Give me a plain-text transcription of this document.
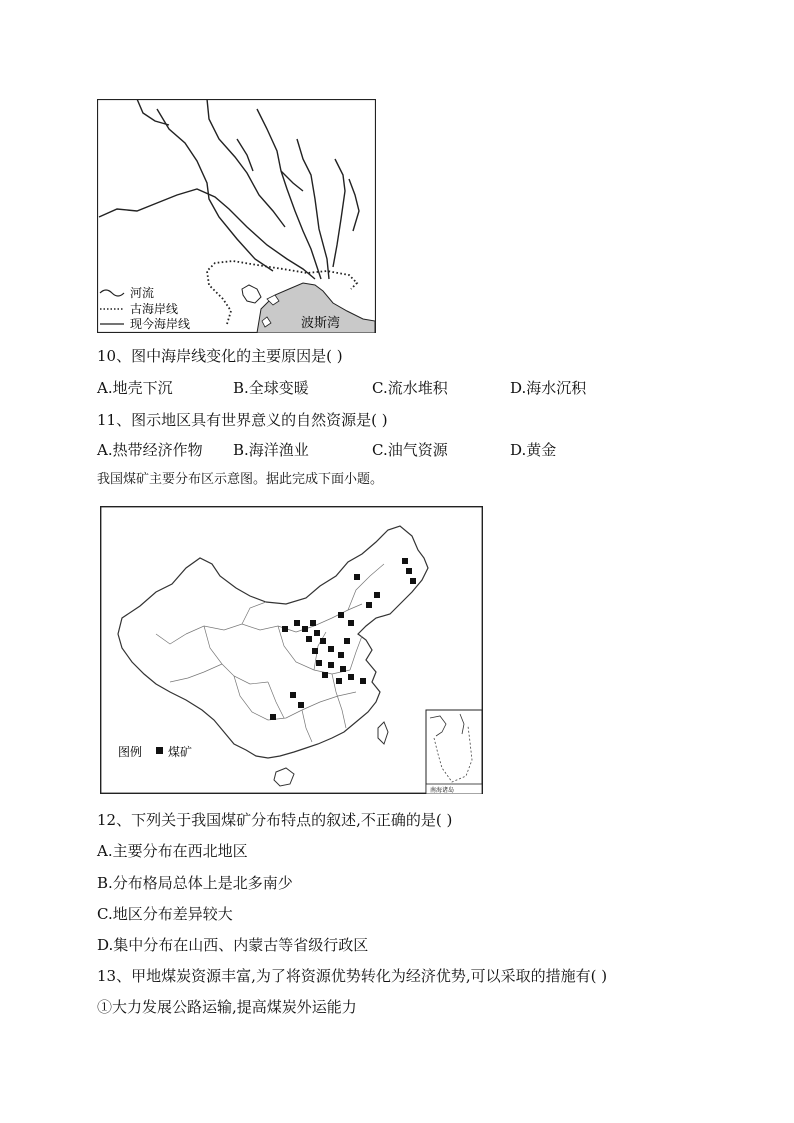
河流
古海岸线
现今海岸线	波斯湾
10、图中海岸线变化的主要原因是( )
A.地壳下沉	B.全球变暖	C.流水堆积	D.海水沉积
11、图示地区具有世界意义的自然资源是( )
A.热带经济作物 B.海洋渔业	C.油气资源	D.黄金
我国煤矿主要分布区示意图。据此完成下面小题。
图例 煤矿
南海诸岛
12、下列关于我国煤矿分布特点的叙述,不正确的是( )
A.主要分布在西北地区
B.分布格局总体上是北多南少
C.地区分布差异较大
D.集中分布在山西、内蒙古等省级行政区
13、甲地煤炭资源丰富,为了将资源优势转化为经济优势,可以采取的措施有( )
①大力发展公路运输,提高煤炭外运能力
